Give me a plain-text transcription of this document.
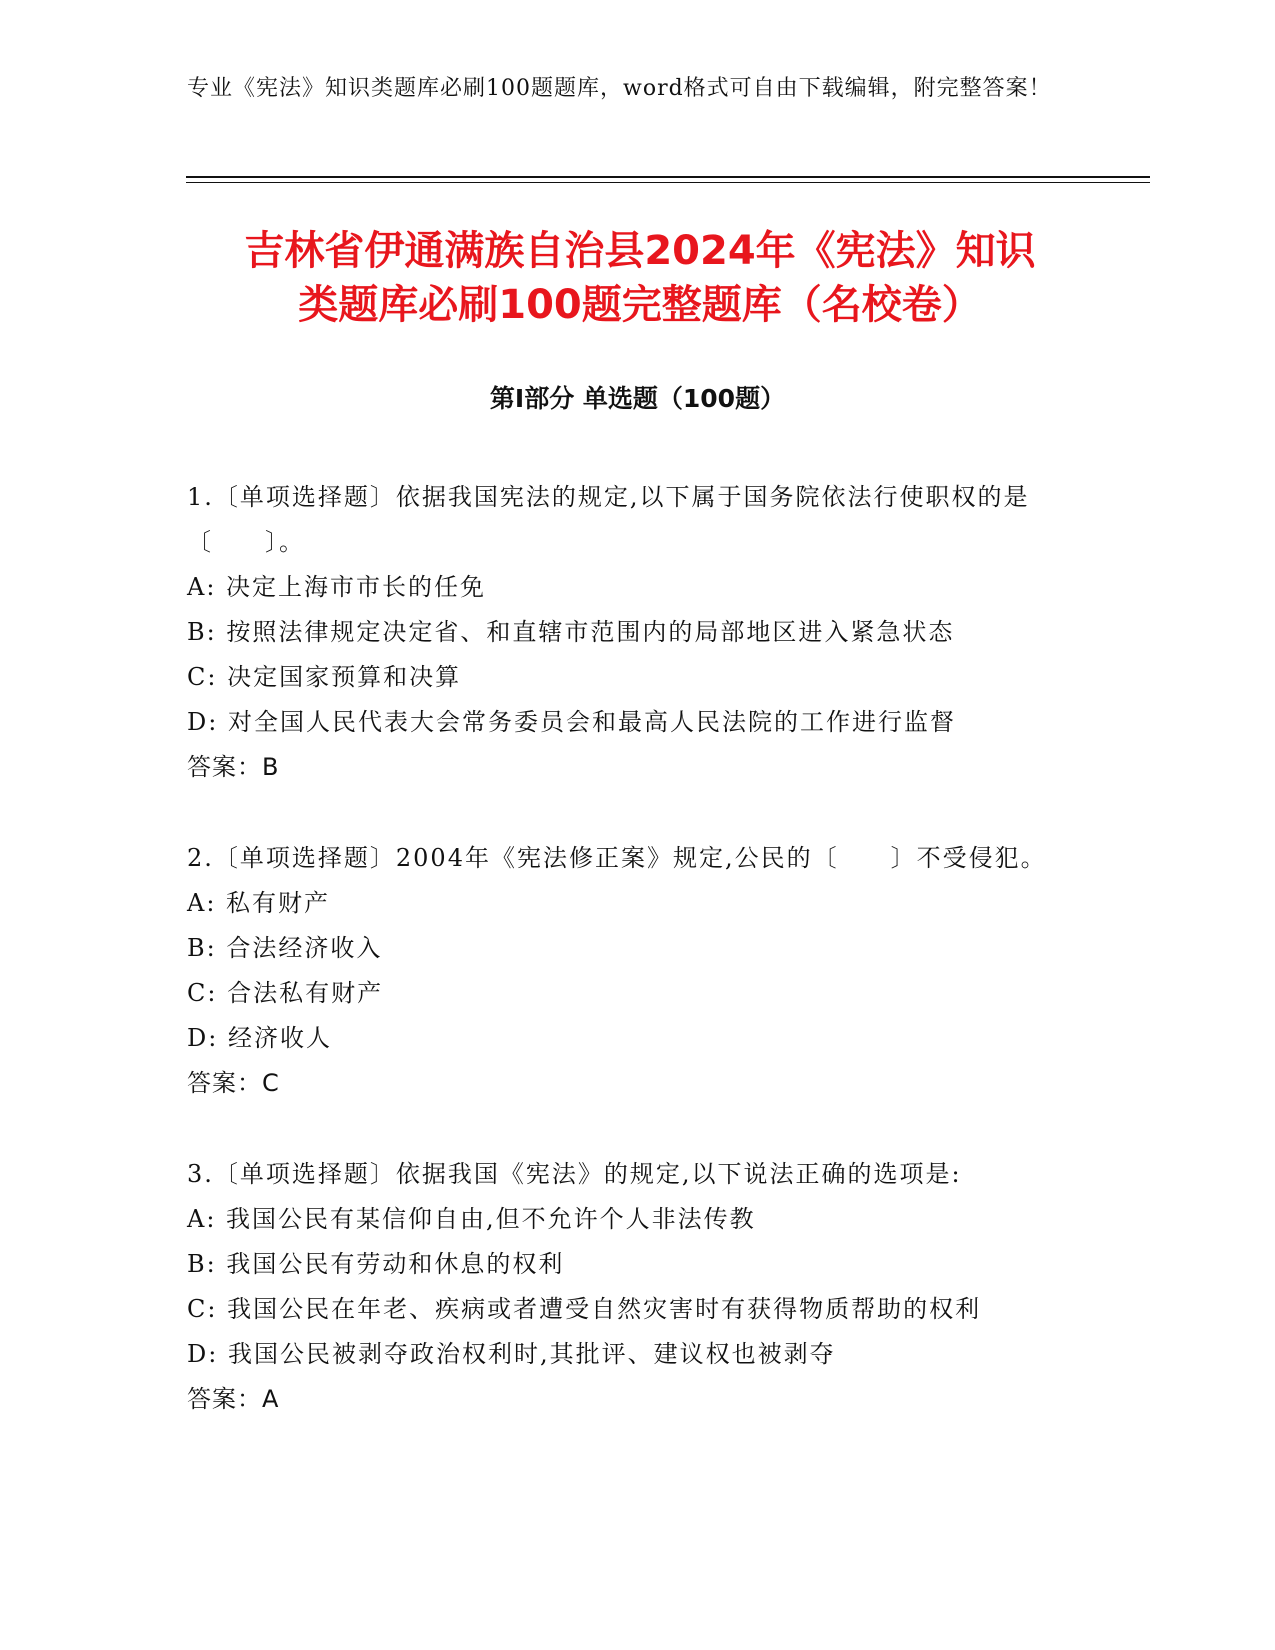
专业《宪法》知识类题库必刷100题题库，word格式可自由下载编辑，附完整答案！
吉林省伊通满族自治县2024年《宪法》知识
类题库必刷100题完整题库（名校卷）
第Ⅰ部分 单选题（100题）
1.〔单项选择题〕依据我国宪法的规定,以下属于国务院依法行使职权的是〔　　〕。
A: 决定上海市市长的任免
B: 按照法律规定决定省、和直辖市范围内的局部地区进入紧急状态
C: 决定国家预算和决算
D: 对全国人民代表大会常务委员会和最高人民法院的工作进行监督
答案：B
2.〔单项选择题〕2004年《宪法修正案》规定,公民的〔　　〕不受侵犯。
A: 私有财产
B: 合法经济收入
C: 合法私有财产
D: 经济收人
答案：C
3.〔单项选择题〕依据我国《宪法》的规定,以下说法正确的选项是:
A: 我国公民有某信仰自由,但不允许个人非法传教
B: 我国公民有劳动和休息的权利
C: 我国公民在年老、疾病或者遭受自然灾害时有获得物质帮助的权利
D: 我国公民被剥夺政治权利时,其批评、建议权也被剥夺
答案：A
